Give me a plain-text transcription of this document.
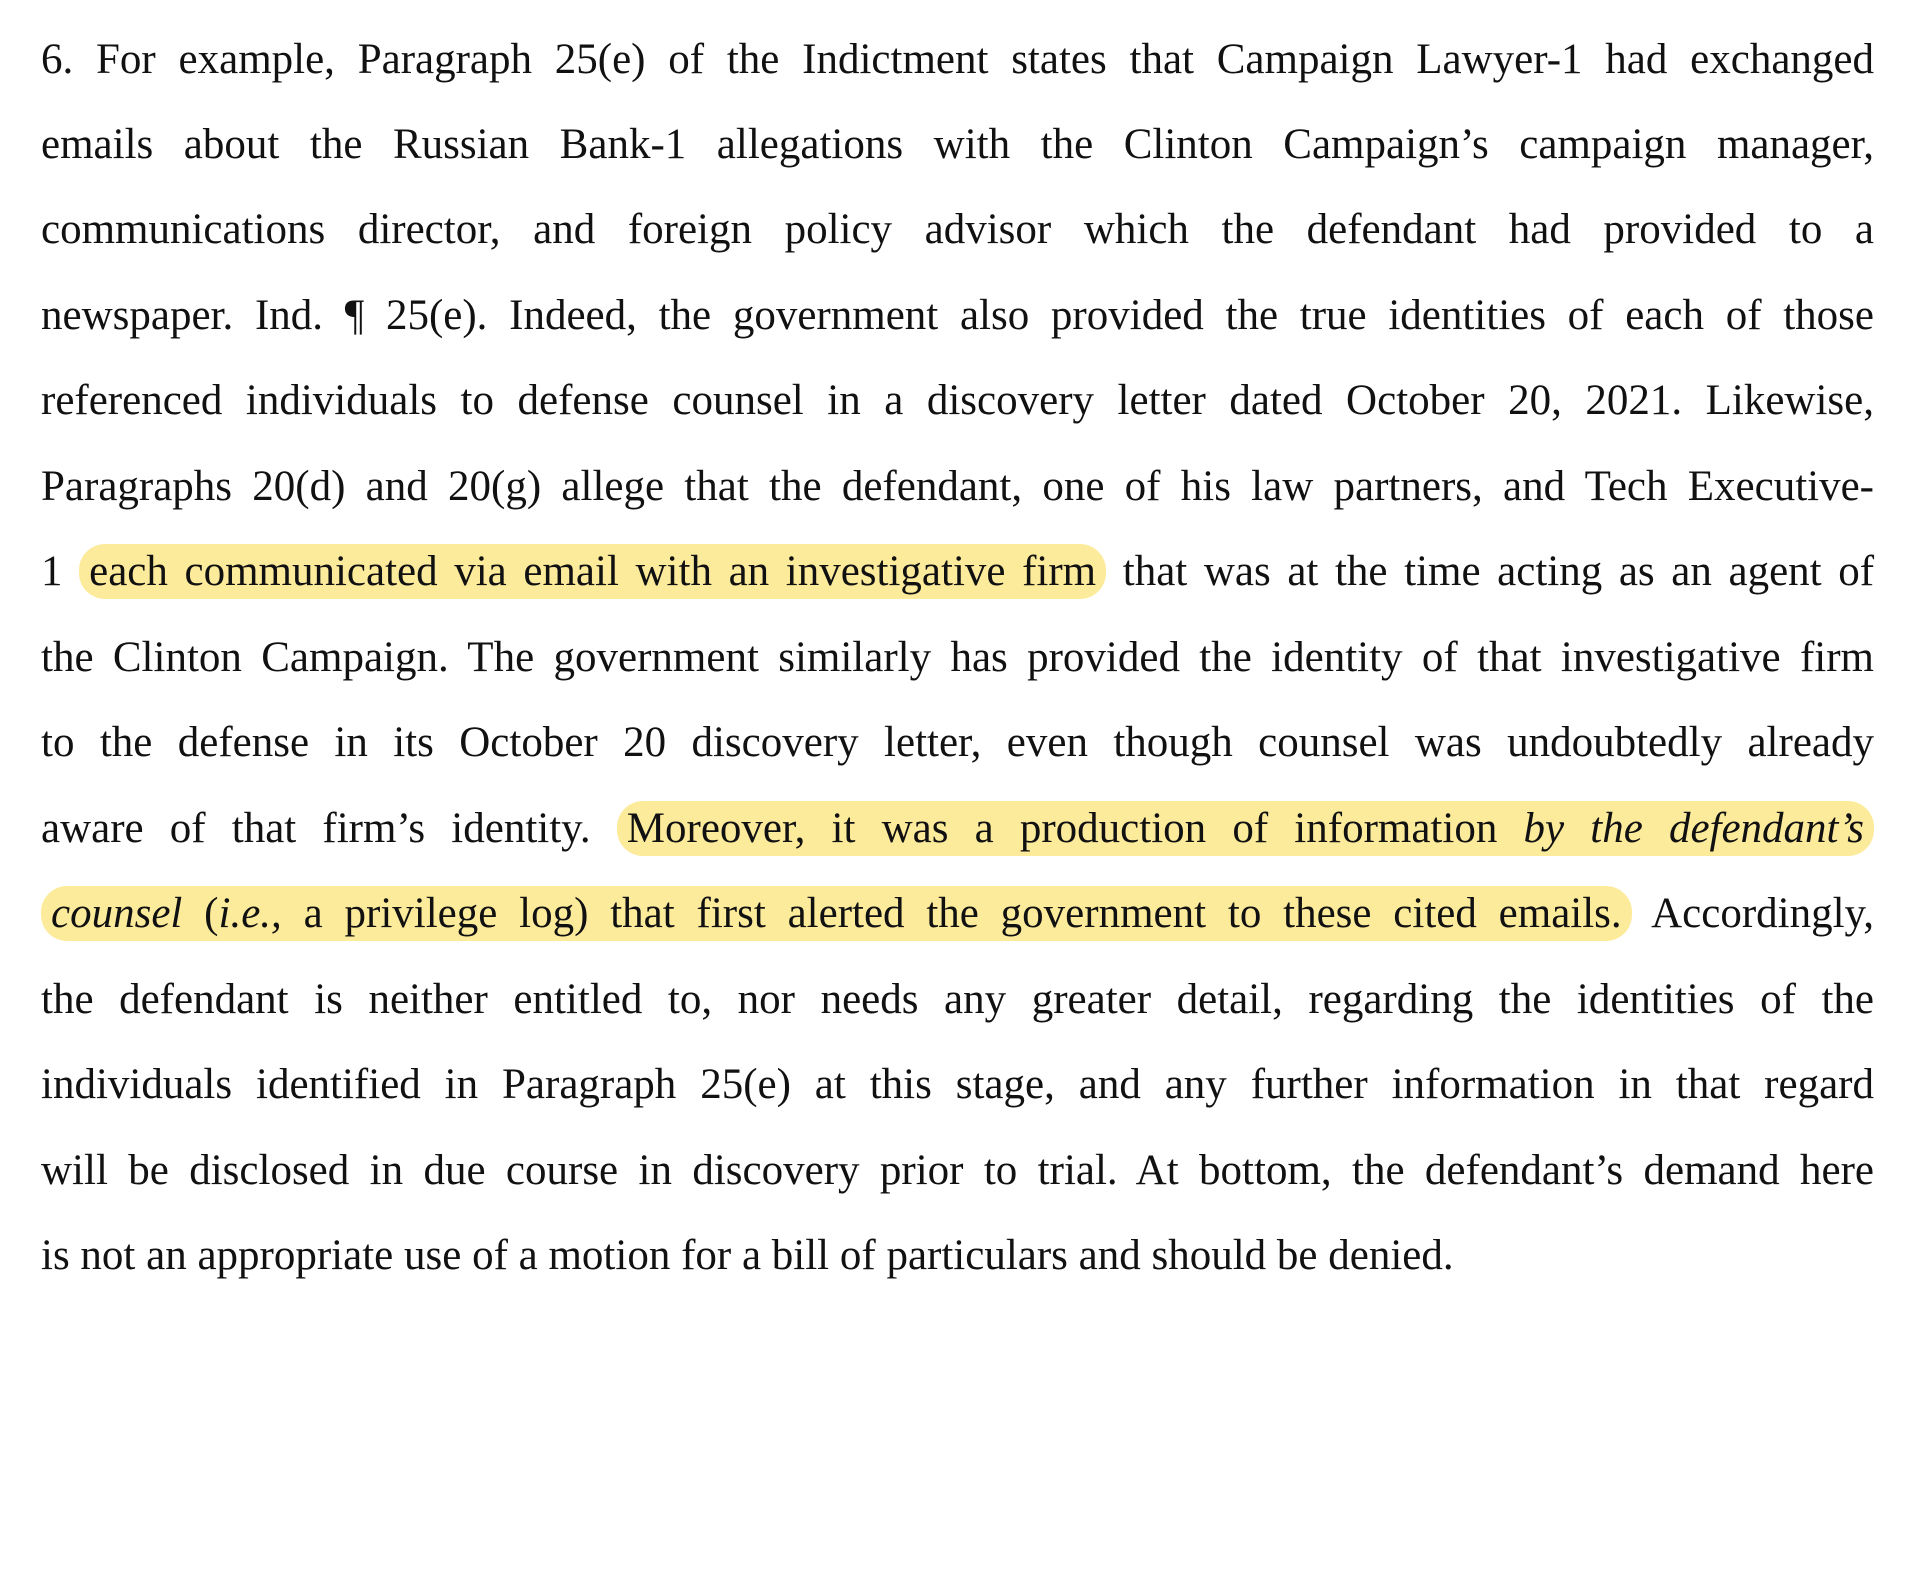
6. For example, Paragraph 25(e) of the Indictment states that Campaign Lawyer-1 had exchanged
emails about the Russian Bank-1 allegations with the Clinton Campaign’s campaign manager,
communications director, and foreign policy advisor which the defendant had provided to a
newspaper. Ind. ¶ 25(e). Indeed, the government also provided the true identities of each of those
referenced individuals to defense counsel in a discovery letter dated October 20, 2021. Likewise,
Paragraphs 20(d) and 20(g) allege that the defendant, one of his law partners, and Tech Executive-
1 each communicated via email with an investigative firm that was at the time acting as an agent of
the Clinton Campaign. The government similarly has provided the identity of that investigative firm
to the defense in its October 20 discovery letter, even though counsel was undoubtedly already
aware of that firm’s identity. Moreover, it was a production of information by the defendant’s
counsel (i.e., a privilege log) that first alerted the government to these cited emails. Accordingly,
the defendant is neither entitled to, nor needs any greater detail, regarding the identities of the
individuals identified in Paragraph 25(e) at this stage, and any further information in that regard
will be disclosed in due course in discovery prior to trial. At bottom, the defendant’s demand here
is not an appropriate use of a motion for a bill of particulars and should be denied.
